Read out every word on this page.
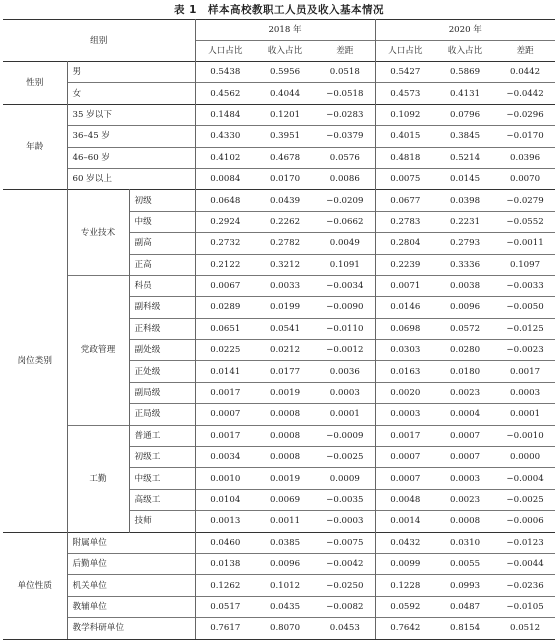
表 1　样本高校教职工人员及收入基本情况
组别			2018 年			2020 年		
			人口占比	收入占比	差距	人口占比	收入占比	差距
性别	男		0.5438	0.5956	0.0518	0.5427	0.5869	0.0442
	女		0.4562	0.4044	−0.0518	0.4573	0.4131	−0.0442
年龄	35 岁以下		0.1484	0.1201	−0.0283	0.1092	0.0796	−0.0296
	36–45 岁		0.4330	0.3951	−0.0379	0.4015	0.3845	−0.0170
	46–60 岁		0.4102	0.4678	0.0576	0.4818	0.5214	0.0396
	60 岁以上		0.0084	0.0170	0.0086	0.0075	0.0145	0.0070
岗位类别	专业技术	初级	0.0648	0.0439	−0.0209	0.0677	0.0398	−0.0279
		中级	0.2924	0.2262	−0.0662	0.2783	0.2231	−0.0552
		副高	0.2732	0.2782	0.0049	0.2804	0.2793	−0.0011
		正高	0.2122	0.3212	0.1091	0.2239	0.3336	0.1097
	党政管理	科员	0.0067	0.0033	−0.0034	0.0071	0.0038	−0.0033
		副科级	0.0289	0.0199	−0.0090	0.0146	0.0096	−0.0050
		正科级	0.0651	0.0541	−0.0110	0.0698	0.0572	−0.0125
		副处级	0.0225	0.0212	−0.0012	0.0303	0.0280	−0.0023
		正处级	0.0141	0.0177	0.0036	0.0163	0.0180	0.0017
		副局级	0.0017	0.0019	0.0003	0.0020	0.0023	0.0003
		正局级	0.0007	0.0008	0.0001	0.0003	0.0004	0.0001
	工勤	普通工	0.0017	0.0008	−0.0009	0.0017	0.0007	−0.0010
		初级工	0.0034	0.0008	−0.0025	0.0007	0.0007	0.0000
		中级工	0.0010	0.0019	0.0009	0.0007	0.0003	−0.0004
		高级工	0.0104	0.0069	−0.0035	0.0048	0.0023	−0.0025
		技师	0.0013	0.0011	−0.0003	0.0014	0.0008	−0.0006
单位性质	附属单位		0.0460	0.0385	−0.0075	0.0432	0.0310	−0.0123
	后勤单位		0.0138	0.0096	−0.0042	0.0099	0.0055	−0.0044
	机关单位		0.1262	0.1012	−0.0250	0.1228	0.0993	−0.0236
	教辅单位		0.0517	0.0435	−0.0082	0.0592	0.0487	−0.0105
	教学科研单位		0.7617	0.8070	0.0453	0.7642	0.8154	0.0512
